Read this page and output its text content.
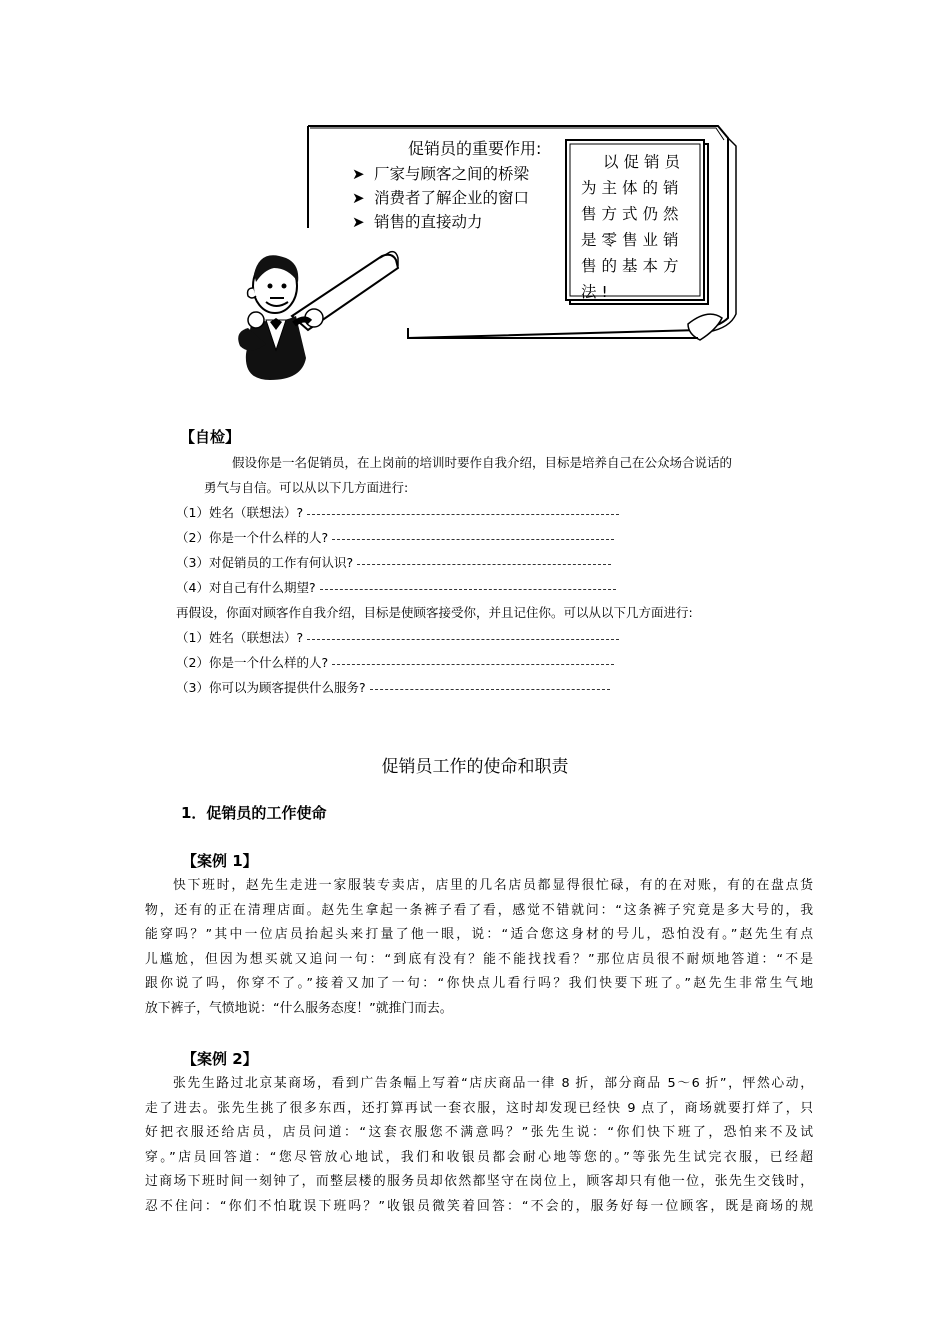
促销员的重要作用:
➤ 厂家与顾客之间的桥梁
➤ 消费者了解企业的窗口
➤ 销售的直接动力
以促销员为主体的销售方式仍然是零售业销售的基本方法!
【自检】
假设你是一名促销员，在上岗前的培训时要作自我介绍，目标是培养自己在公众场合说话的
勇气与自信。可以从以下几方面进行:
（1）姓名（联想法）?
（2）你是一个什么样的人?
（3）对促销员的工作有何认识?
（4）对自己有什么期望?
再假设，你面对顾客作自我介绍，目标是使顾客接受你，并且记住你。可以从以下几方面进行:
（1）姓名（联想法）?
（2）你是一个什么样的人?
（3）你可以为顾客提供什么服务?
促销员工作的使命和职责
1．促销员的工作使命
【案例 1】
快下班时，赵先生走进一家服装专卖店，店里的几名店员都显得很忙碌，有的在对账，有的在盘点货
物，还有的正在清理店面。赵先生拿起一条裤子看了看，感觉不错就问：“这条裤子究竟是多大号的，我
能穿吗？”其中一位店员抬起头来打量了他一眼，说：“适合您这身材的号儿，恐怕没有。”赵先生有点
儿尴尬，但因为想买就又追问一句：“到底有没有？能不能找找看？”那位店员很不耐烦地答道：“不是
跟你说了吗，你穿不了。”接着又加了一句：“你快点儿看行吗？我们快要下班了。”赵先生非常生气地
放下裤子，气愤地说：“什么服务态度！”就推门而去。
【案例 2】
张先生路过北京某商场，看到广告条幅上写着“店庆商品一律 8 折，部分商品 5～6 折”，怦然心动，
走了进去。张先生挑了很多东西，还打算再试一套衣服，这时却发现已经快 9 点了，商场就要打烊了，只
好把衣服还给店员，店员问道：“这套衣服您不满意吗？”张先生说：“你们快下班了，恐怕来不及试
穿。”店员回答道：“您尽管放心地试，我们和收银员都会耐心地等您的。”等张先生试完衣服，已经超
过商场下班时间一刻钟了，而整层楼的服务员却依然都坚守在岗位上，顾客却只有他一位，张先生交钱时，
忍不住问：“你们不怕耽误下班吗？”收银员微笑着回答：“不会的，服务好每一位顾客，既是商场的规
